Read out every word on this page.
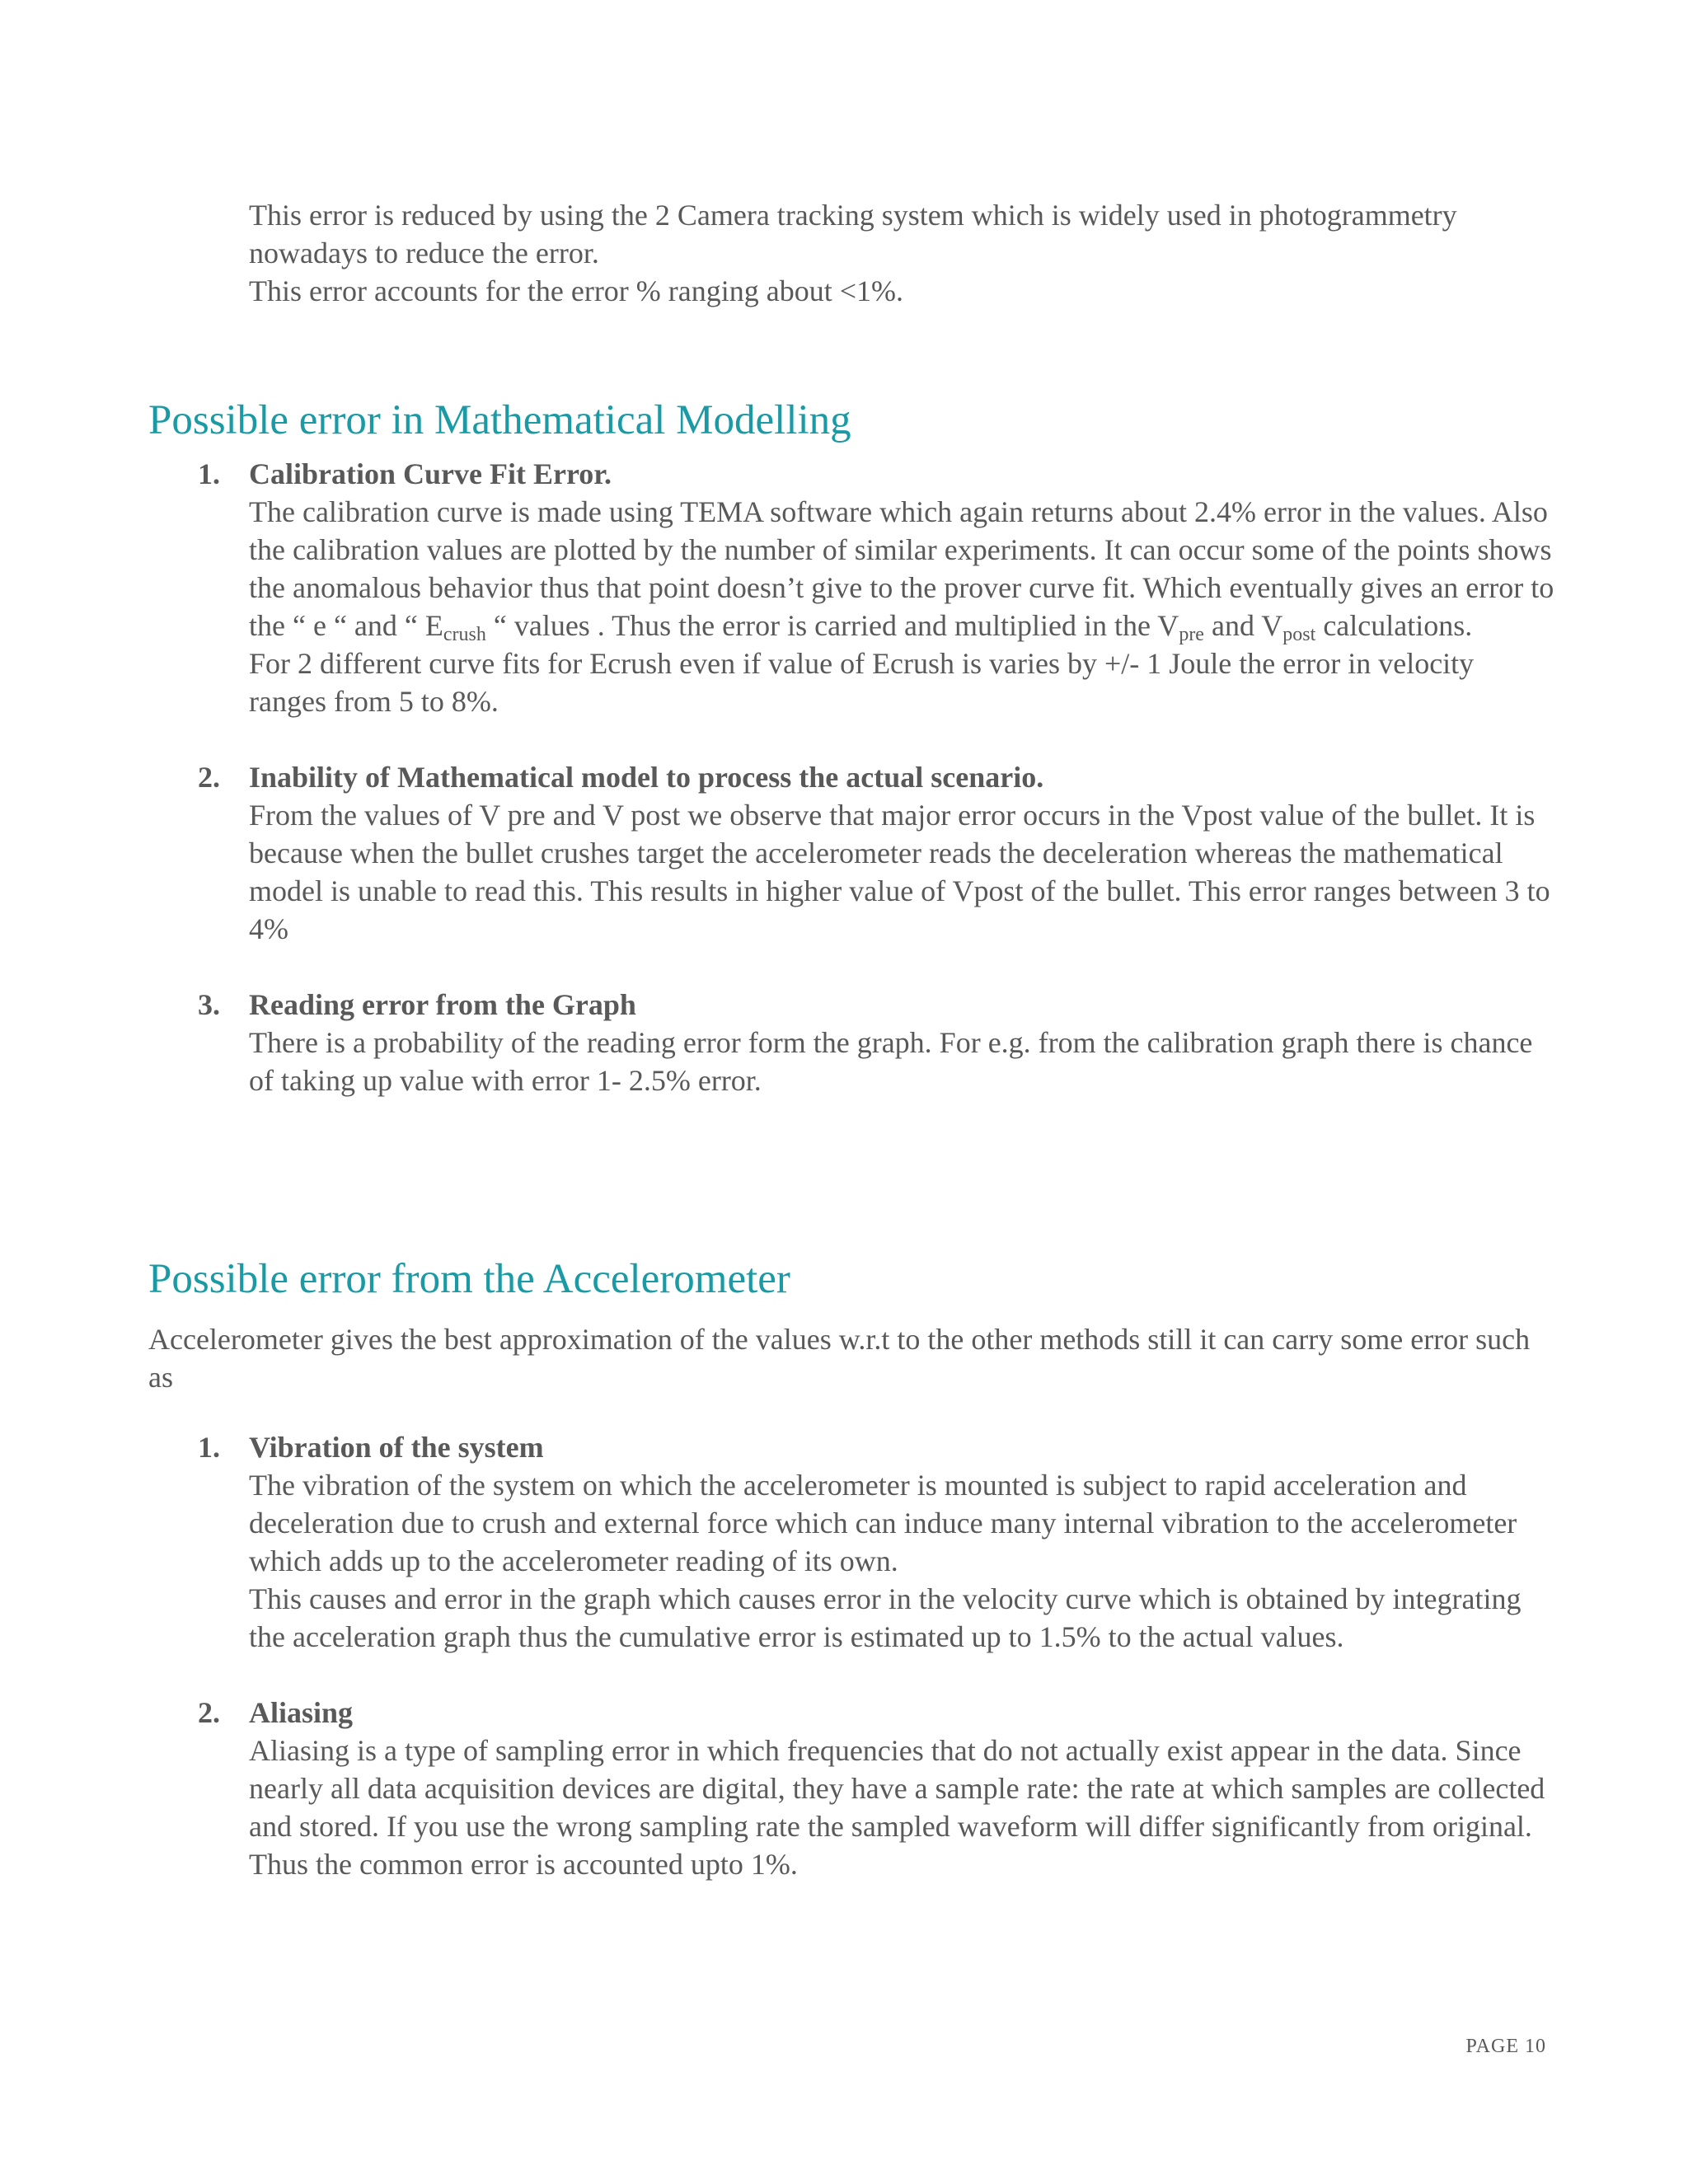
This error is reduced by using the 2 Camera tracking system which is widely used in photogrammetry nowadays to reduce the error.

This error accounts for the error % ranging about <1%.

Possible error in Mathematical Modelling
1. Calibration Curve Fit Error.

The calibration curve is made using TEMA software which again returns about 2.4% error in the values. Also the calibration values are plotted by the number of similar experiments. It can occur some of the points shows the anomalous behavior thus that point doesn’t give to the prover curve fit. Which eventually gives an error to the “ e “ and “ $E_{crush}$ “ values . Thus the error is carried and multiplied in the $V_{pre}$ and $V_{post}$ calculations.

For 2 different curve fits for Ecrush even if value of Ecrush is varies by +/- 1 Joule the error in velocity ranges from 5 to 8%.

2. Inability of Mathematical model to process the actual scenario.

From the values of V pre and V post we observe that major error occurs in the Vpost value of the bullet. It is because when the bullet crushes target the accelerometer reads the deceleration whereas the mathematical model is unable to read this. This results in higher value of Vpost of the bullet. This error ranges between 3 to 4%

3. Reading error from the Graph

There is a probability of the reading error form the graph. For e.g. from the calibration graph there is chance of taking up value with error 1- 2.5% error.

Possible error from the Accelerometer

Accelerometer gives the best approximation of the values w.r.t to the other methods still it can carry some error such as

1. Vibration of the system

The vibration of the system on which the accelerometer is mounted is subject to rapid acceleration and deceleration due to crush and external force which can induce many internal vibration to the accelerometer which adds up to the accelerometer reading of its own.

This causes and error in the graph which causes error in the velocity curve which is obtained by integrating the acceleration graph thus the cumulative error is estimated up to 1.5% to the actual values.

2. Aliasing

Aliasing is a type of sampling error in which frequencies that do not actually exist appear in the data. Since nearly all data acquisition devices are digital, they have a sample rate: the rate at which samples are collected and stored. If you use the wrong sampling rate the sampled waveform will differ significantly from original.

Thus the common error is accounted upto 1%.

PAGE 10
